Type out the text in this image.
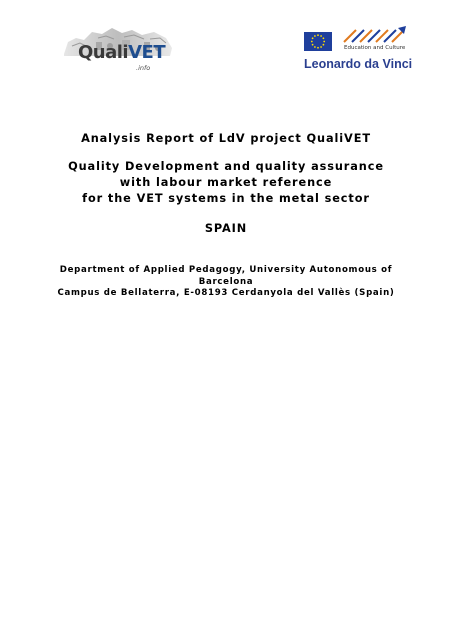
QualiVET
.info
Education and Culture
Leonardo da Vinci
Analysis Report of LdV project QualiVET
Quality Development and quality assurance
with labour market reference
for the VET systems in the metal sector
SPAIN
Department of Applied Pedagogy, University Autonomous of
Barcelona
Campus de Bellaterra, E-08193 Cerdanyola del Vallès (Spain)
